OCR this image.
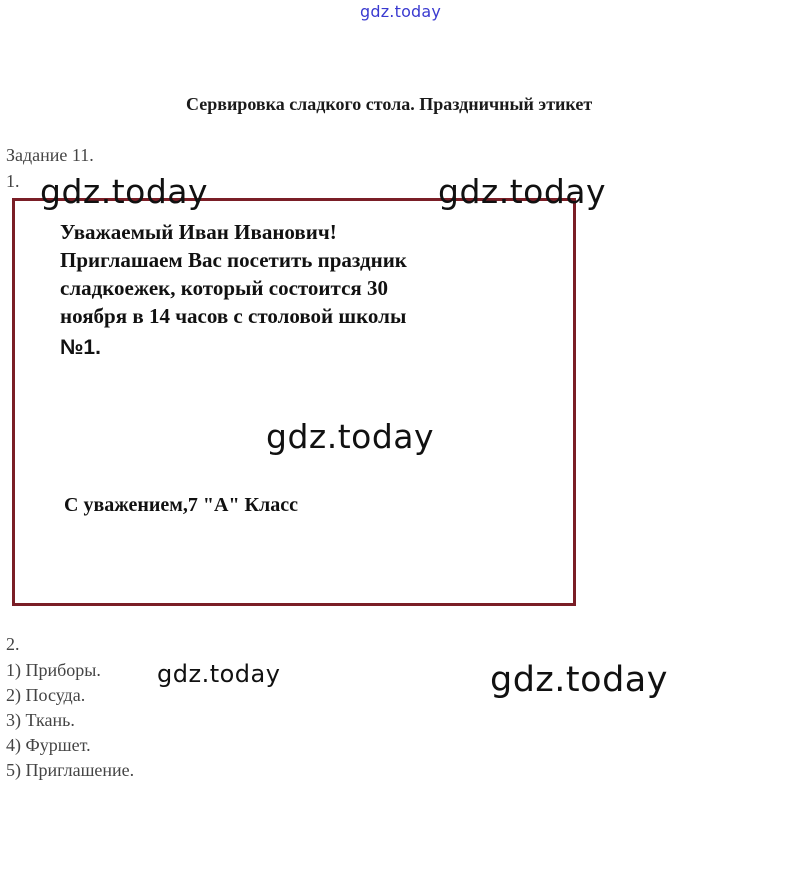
gdz.today
Сервировка сладкого стола. Праздничный этикет
Задание 11.
1.
Уважаемый Иван Иванович!
Приглашаем Вас посетить праздник
сладкоежек, который состоится 30
ноября в 14 часов с столовой школы
№1.
С уважением,7 "А" Класс
gdz.today	gdz.today
gdz.today
gdz.today	gdz.today
2.
1) Приборы.
2) Посуда.
3) Ткань.
4) Фуршет.
5) Приглашение.
